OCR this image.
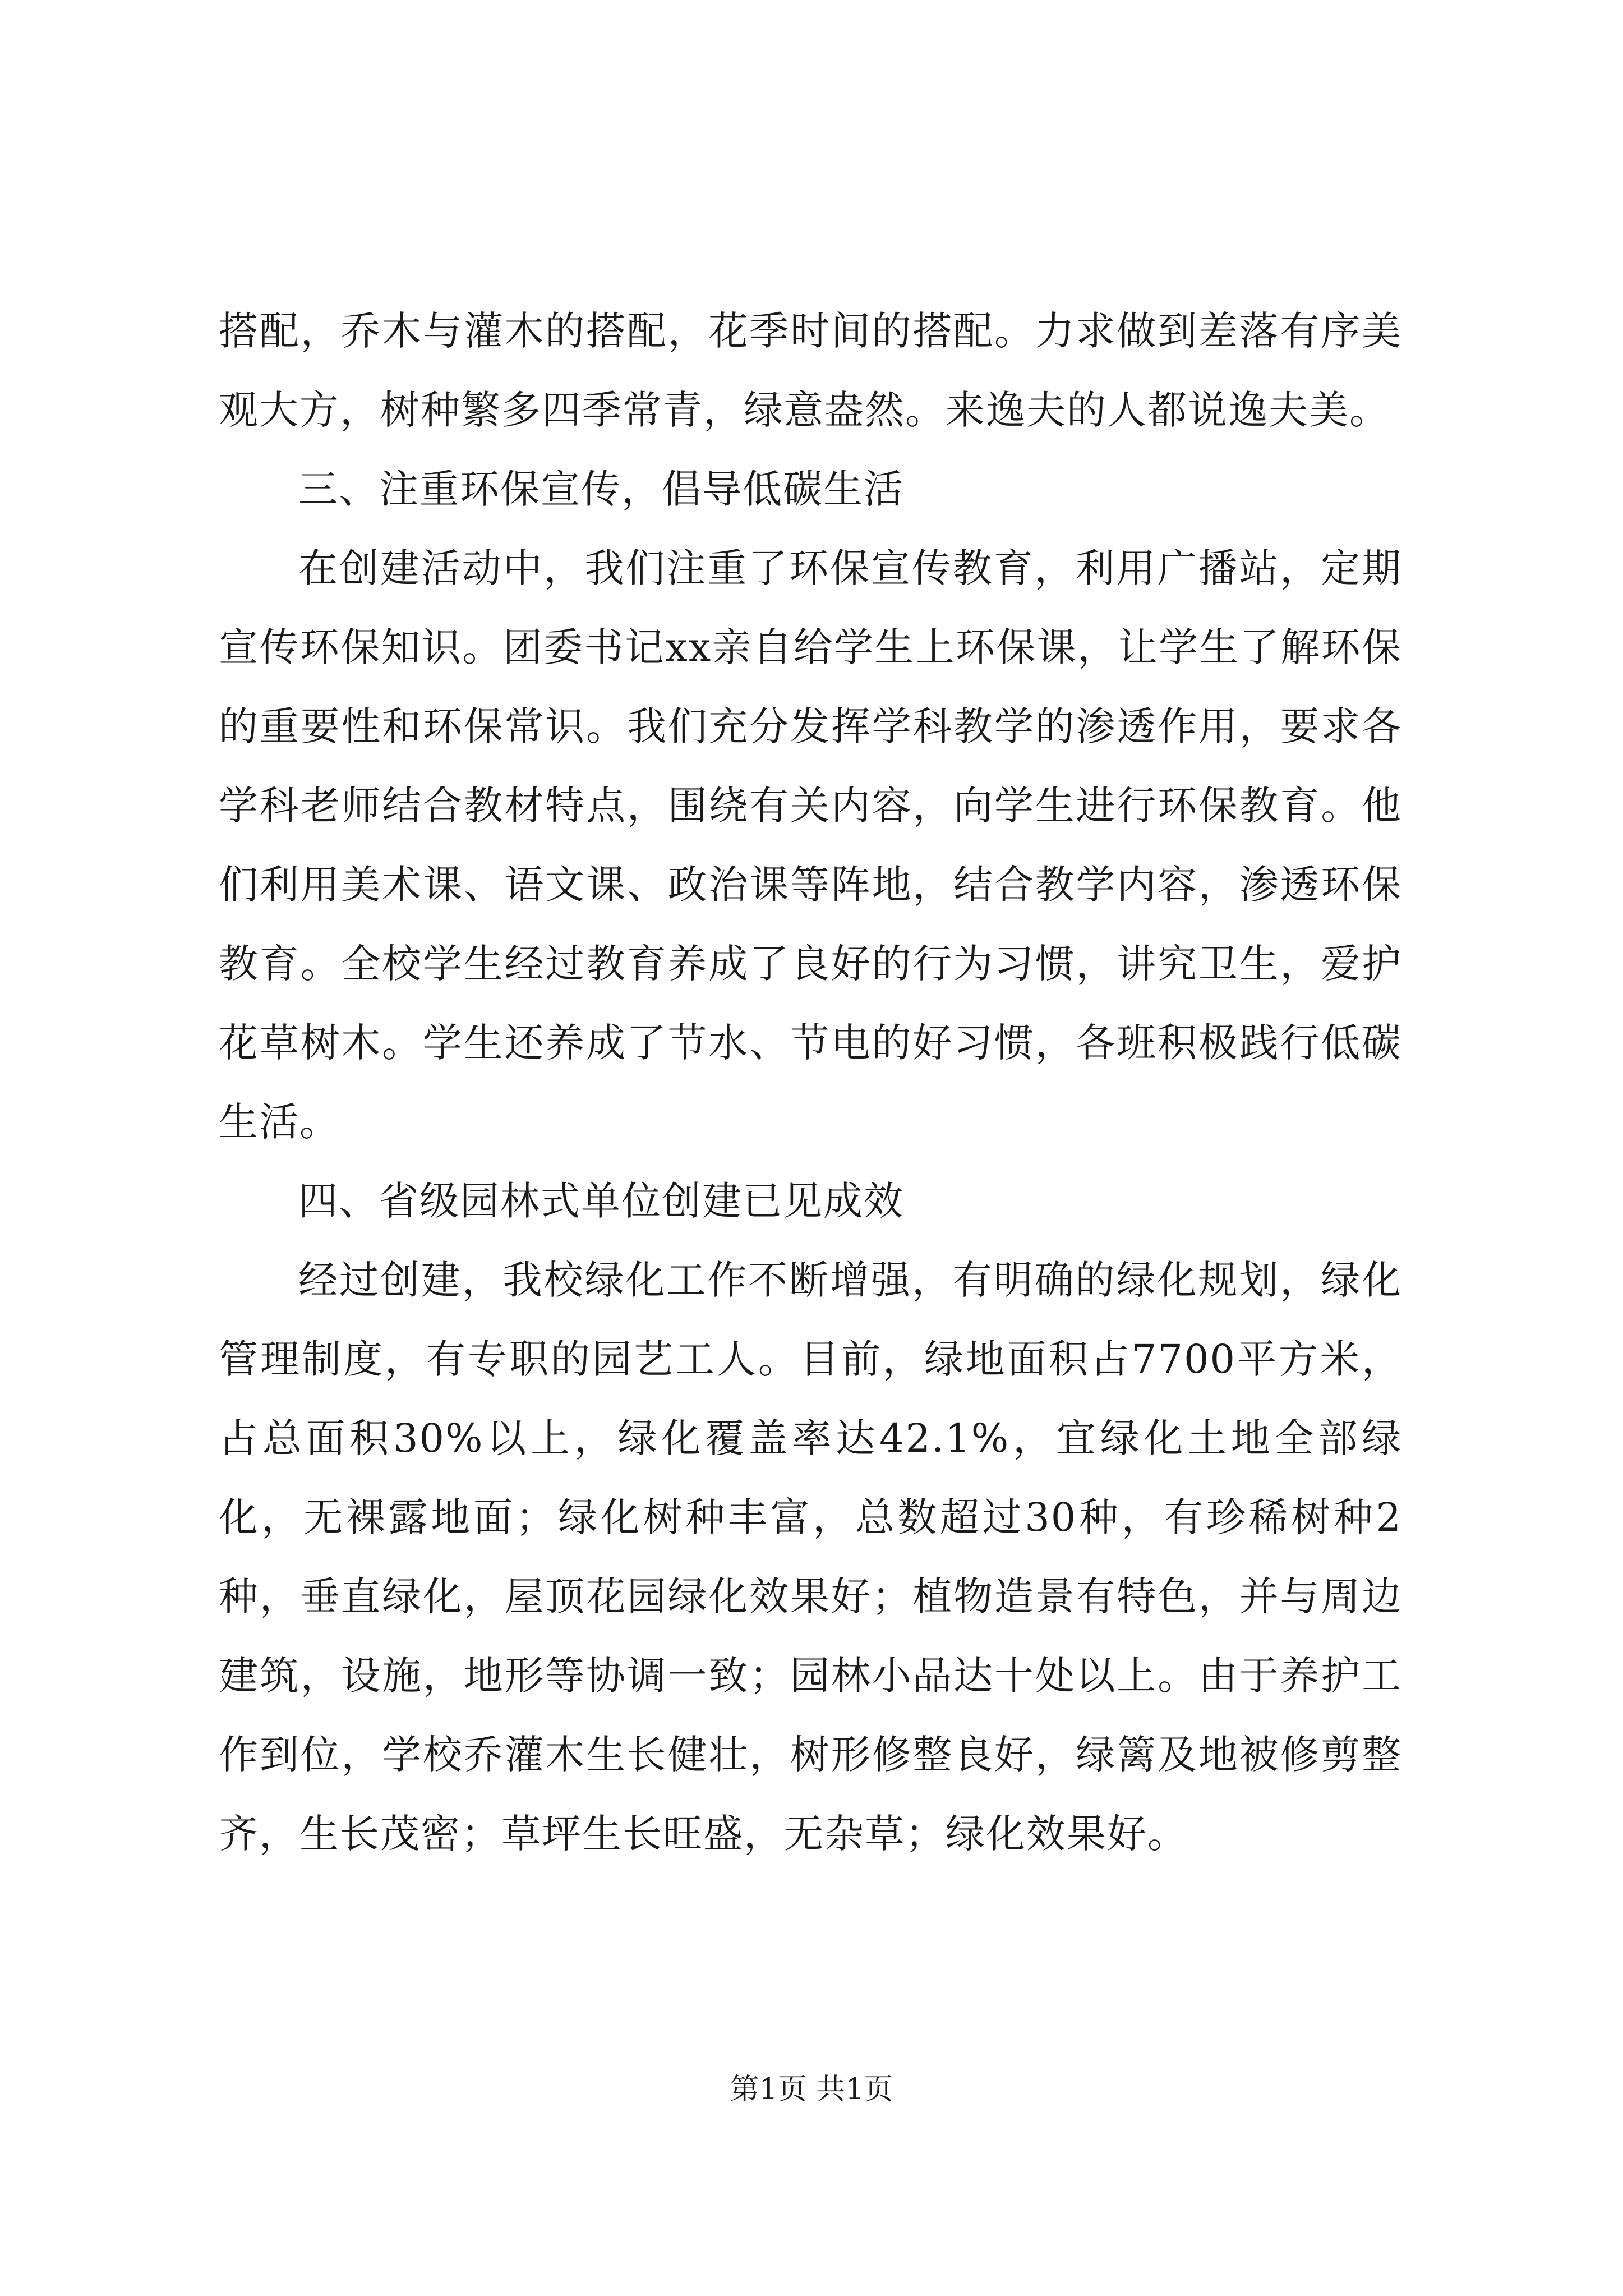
搭配，乔木与灌木的搭配，花季时间的搭配。力求做到差落有序美观大方，树种繁多四季常青，绿意盎然。来逸夫的人都说逸夫美。

三、注重环保宣传，倡导低碳生活

在创建活动中，我们注重了环保宣传教育，利用广播站，定期宣传环保知识。团委书记xx亲自给学生上环保课，让学生了解环保的重要性和环保常识。我们充分发挥学科教学的渗透作用，要求各学科老师结合教材特点，围绕有关内容，向学生进行环保教育。他们利用美术课、语文课、政治课等阵地，结合教学内容，渗透环保教育。全校学生经过教育养成了良好的行为习惯，讲究卫生，爱护花草树木。学生还养成了节水、节电的好习惯，各班积极践行低碳生活。

四、省级园林式单位创建已见成效

经过创建，我校绿化工作不断增强，有明确的绿化规划，绿化管理制度，有专职的园艺工人。目前，绿地面积占7700平方米，占总面积30%以上，绿化覆盖率达42.1%，宜绿化土地全部绿化，无裸露地面；绿化树种丰富，总数超过30种，有珍稀树种2种，垂直绿化，屋顶花园绿化效果好；植物造景有特色，并与周边建筑，设施，地形等协调一致；园林小品达十处以上。由于养护工作到位，学校乔灌木生长健壮，树形修整良好，绿篱及地被修剪整齐，生长茂密；草坪生长旺盛，无杂草；绿化效果好。

第1页 共1页
